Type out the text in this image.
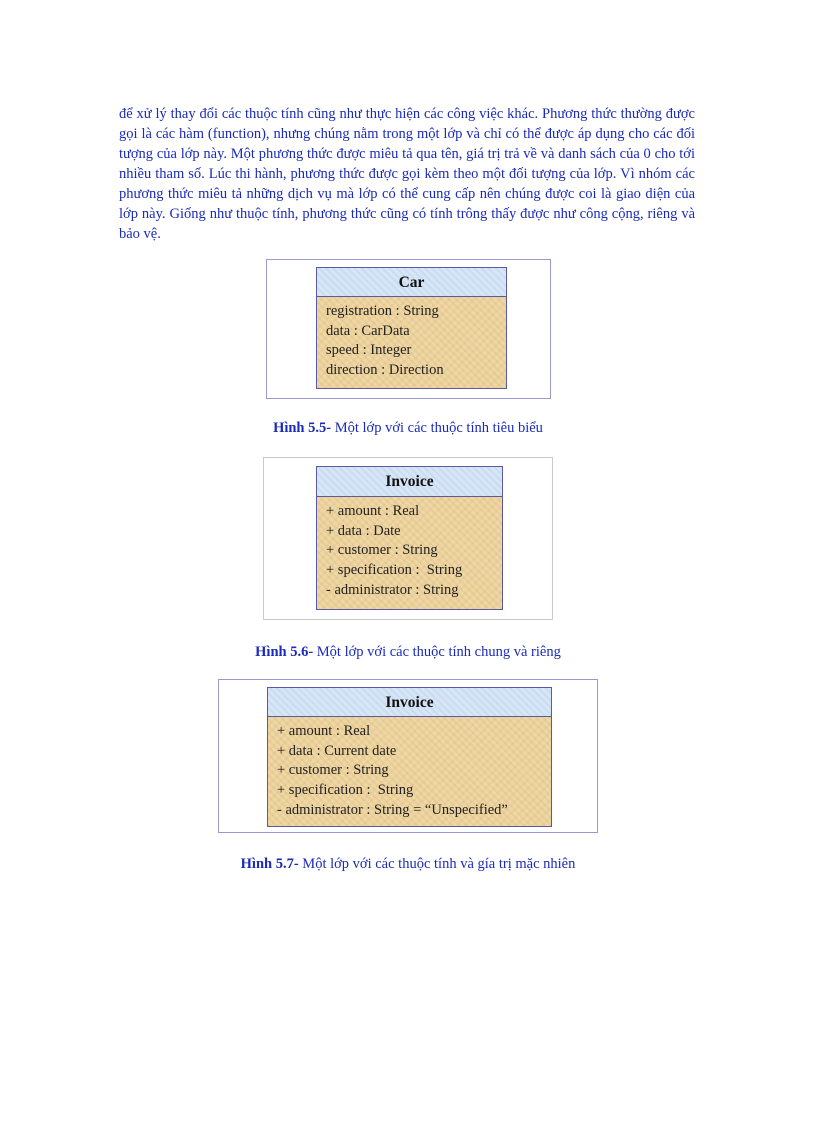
để xử lý thay đổi các thuộc tính cũng như thực hiện các công việc khác. Phương thức thường được gọi là các hàm (function), nhưng chúng nằm trong một lớp và chỉ có thể được áp dụng cho các đối tượng của lớp này. Một phương thức được miêu tả qua tên, giá trị trả về và danh sách của 0 cho tới nhiều tham số. Lúc thi hành, phương thức được gọi kèm theo một đối tượng của lớp. Vì nhóm các phương thức miêu tả những dịch vụ mà lớp có thể cung cấp nên chúng được coi là giao diện của lớp này. Giống như thuộc tính, phương thức cũng có tính trông thấy được như công cộng, riêng và bảo vệ.

Car
registration : String
data : CarData
speed : Integer
direction : Direction
Hình 5.5- Một lớp với các thuộc tính tiêu biểu
Invoice
+ amount : Real
+ data : Date
+ customer : String
+ specification :  String
- administrator : String
Hình 5.6- Một lớp với các thuộc tính chung và riêng
Invoice
+ amount : Real
+ data : Current date
+ customer : String
+ specification :  String
- administrator : String = “Unspecified”
Hình 5.7- Một lớp với các thuộc tính và gía trị mặc nhiên
